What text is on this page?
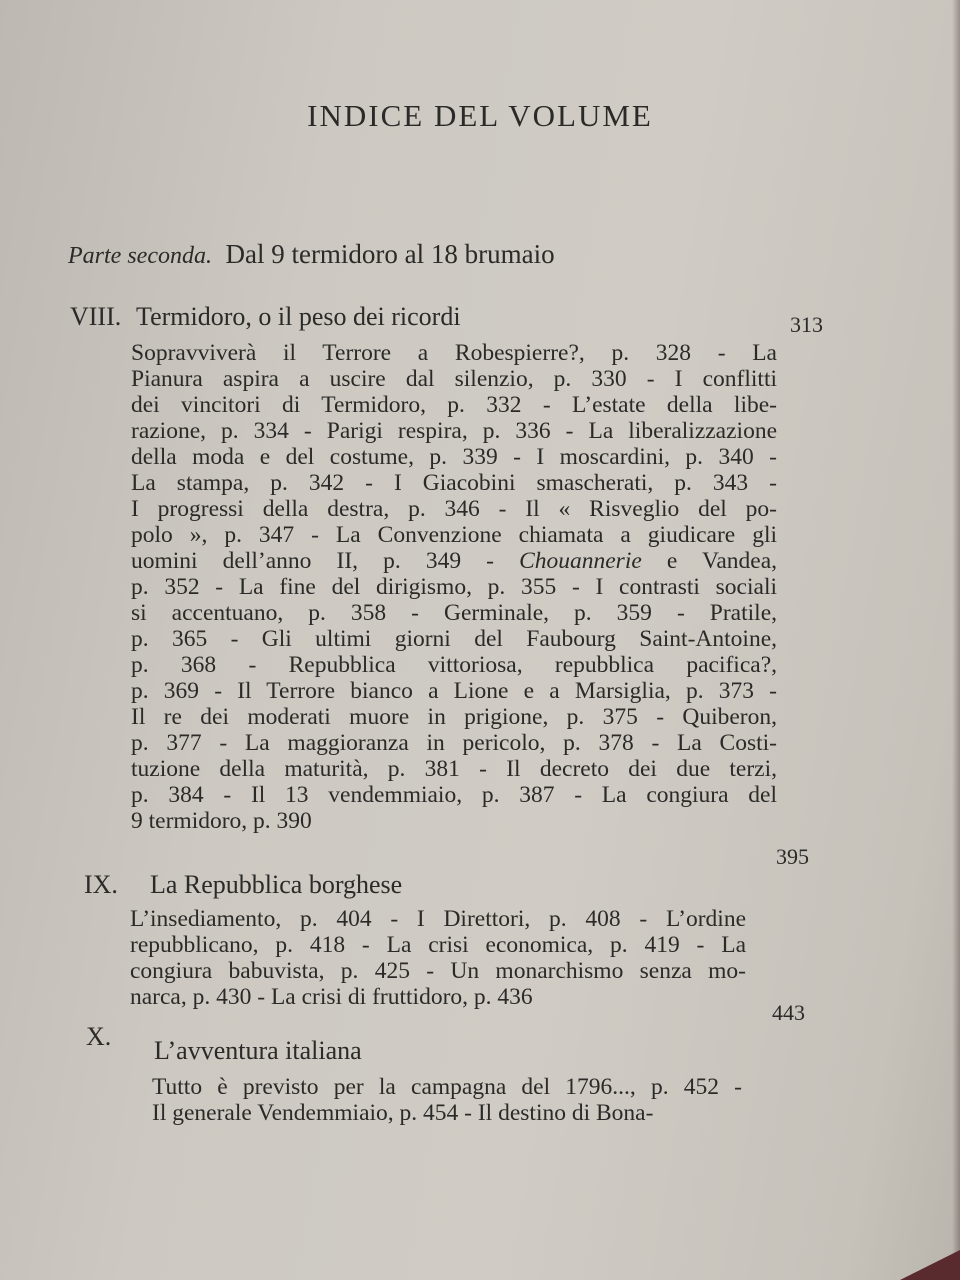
INDICE DEL VOLUME
Parte seconda. Dal 9 termidoro al 18 brumaio
VIII. Termidoro, o il peso dei ricordi	313
Sopravviverà il Terrore a Robespierre?, p. 328 - La
Pianura aspira a uscire dal silenzio, p. 330 - I conflitti
dei vincitori di Termidoro, p. 332 - L’estate della libe-
razione, p. 334 - Parigi respira, p. 336 - La liberalizzazione
della moda e del costume, p. 339 - I moscardini, p. 340 -
La stampa, p. 342 - I Giacobini smascherati, p. 343 -
I progressi della destra, p. 346 - Il « Risveglio del po-
polo », p. 347 - La Convenzione chiamata a giudicare gli
uomini dell’anno II, p. 349 - Chouannerie e Vandea,
p. 352 - La fine del dirigismo, p. 355 - I contrasti sociali
si accentuano, p. 358 - Germinale, p. 359 - Pratile,
p. 365 - Gli ultimi giorni del Faubourg Saint-Antoine,
p. 368 - Repubblica vittoriosa, repubblica pacifica?,
p. 369 - Il Terrore bianco a Lione e a Marsiglia, p. 373 -
Il re dei moderati muore in prigione, p. 375 - Quiberon,
p. 377 - La maggioranza in pericolo, p. 378 - La Costi-
tuzione della maturità, p. 381 - Il decreto dei due terzi,
p. 384 - Il 13 vendemmiaio, p. 387 - La congiura del
9 termidoro, p. 390
IX. La Repubblica borghese
395
L’insediamento, p. 404 - I Direttori, p. 408 - L’ordine
repubblicano, p. 418 - La crisi economica, p. 419 - La
congiura babuvista, p. 425 - Un monarchismo senza mo-
narca, p. 430 - La crisi di fruttidoro, p. 436
X. L’avventura italiana
443
Tutto è previsto per la campagna del 1796..., p. 452 -
Il generale Vendemmiaio, p. 454 - Il destino di Bona-
